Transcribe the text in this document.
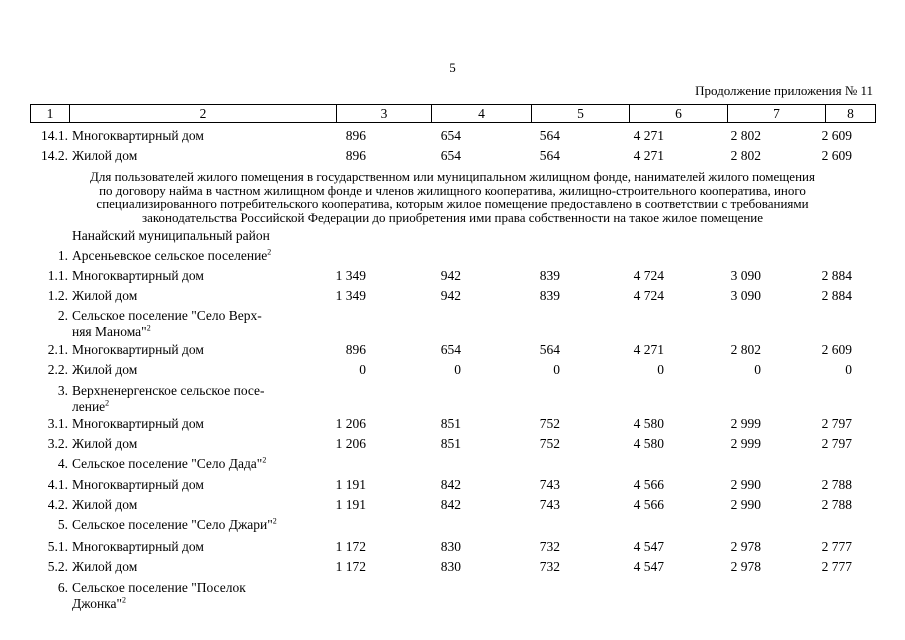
5
Продолжение приложения № 11
1	2	3	4	5	6	7	8
Для пользователей жилого помещения в государственном или муниципальном жилищном фонде, нанимателей жилого помещения
по договору найма в частном жилищном фонде и членов жилищного кооператива, жилищно-строительного кооператива, иного
специализированного потребительского кооператива, которым жилое помещение предоставлено в соответствии с требованиями
законодательства Российской Федерации до приобретения ими права собственности на такое жилое помещение
14.1. Многоквартирный дом	896	654	564	4 271	2 802	2 609
14.2. Жилой дом	896	654	564	4 271	2 802	2 609
Нанайский муниципальный район
1. Арсеньевское сельское поселение$^2$
1.1. Многоквартирный дом	1 349	942	839	4 724	3 090	2 884
1.2. Жилой дом	1 349	942	839	4 724	3 090	2 884
2. Сельское поселение "Село Верх-
няя Манома"$^2$
2.1. Многоквартирный дом	896	654	564	4 271	2 802	2 609
2.2. Жилой дом	0	0	0	0	0	0
3. Верхненергенское сельское посе-
ление$^2$
3.1. Многоквартирный дом	1 206	851	752	4 580	2 999	2 797
3.2. Жилой дом	1 206	851	752	4 580	2 999	2 797
4. Сельское поселение "Село Дада"$^2$
4.1. Многоквартирный дом	1 191	842	743	4 566	2 990	2 788
4.2. Жилой дом	1 191	842	743	4 566	2 990	2 788
5. Сельское поселение "Село Джари"$^2$
5.1. Многоквартирный дом	1 172	830	732	4 547	2 978	2 777
5.2. Жилой дом	1 172	830	732	4 547	2 978	2 777
6. Сельское поселение "Поселок
Джонка"$^2$
